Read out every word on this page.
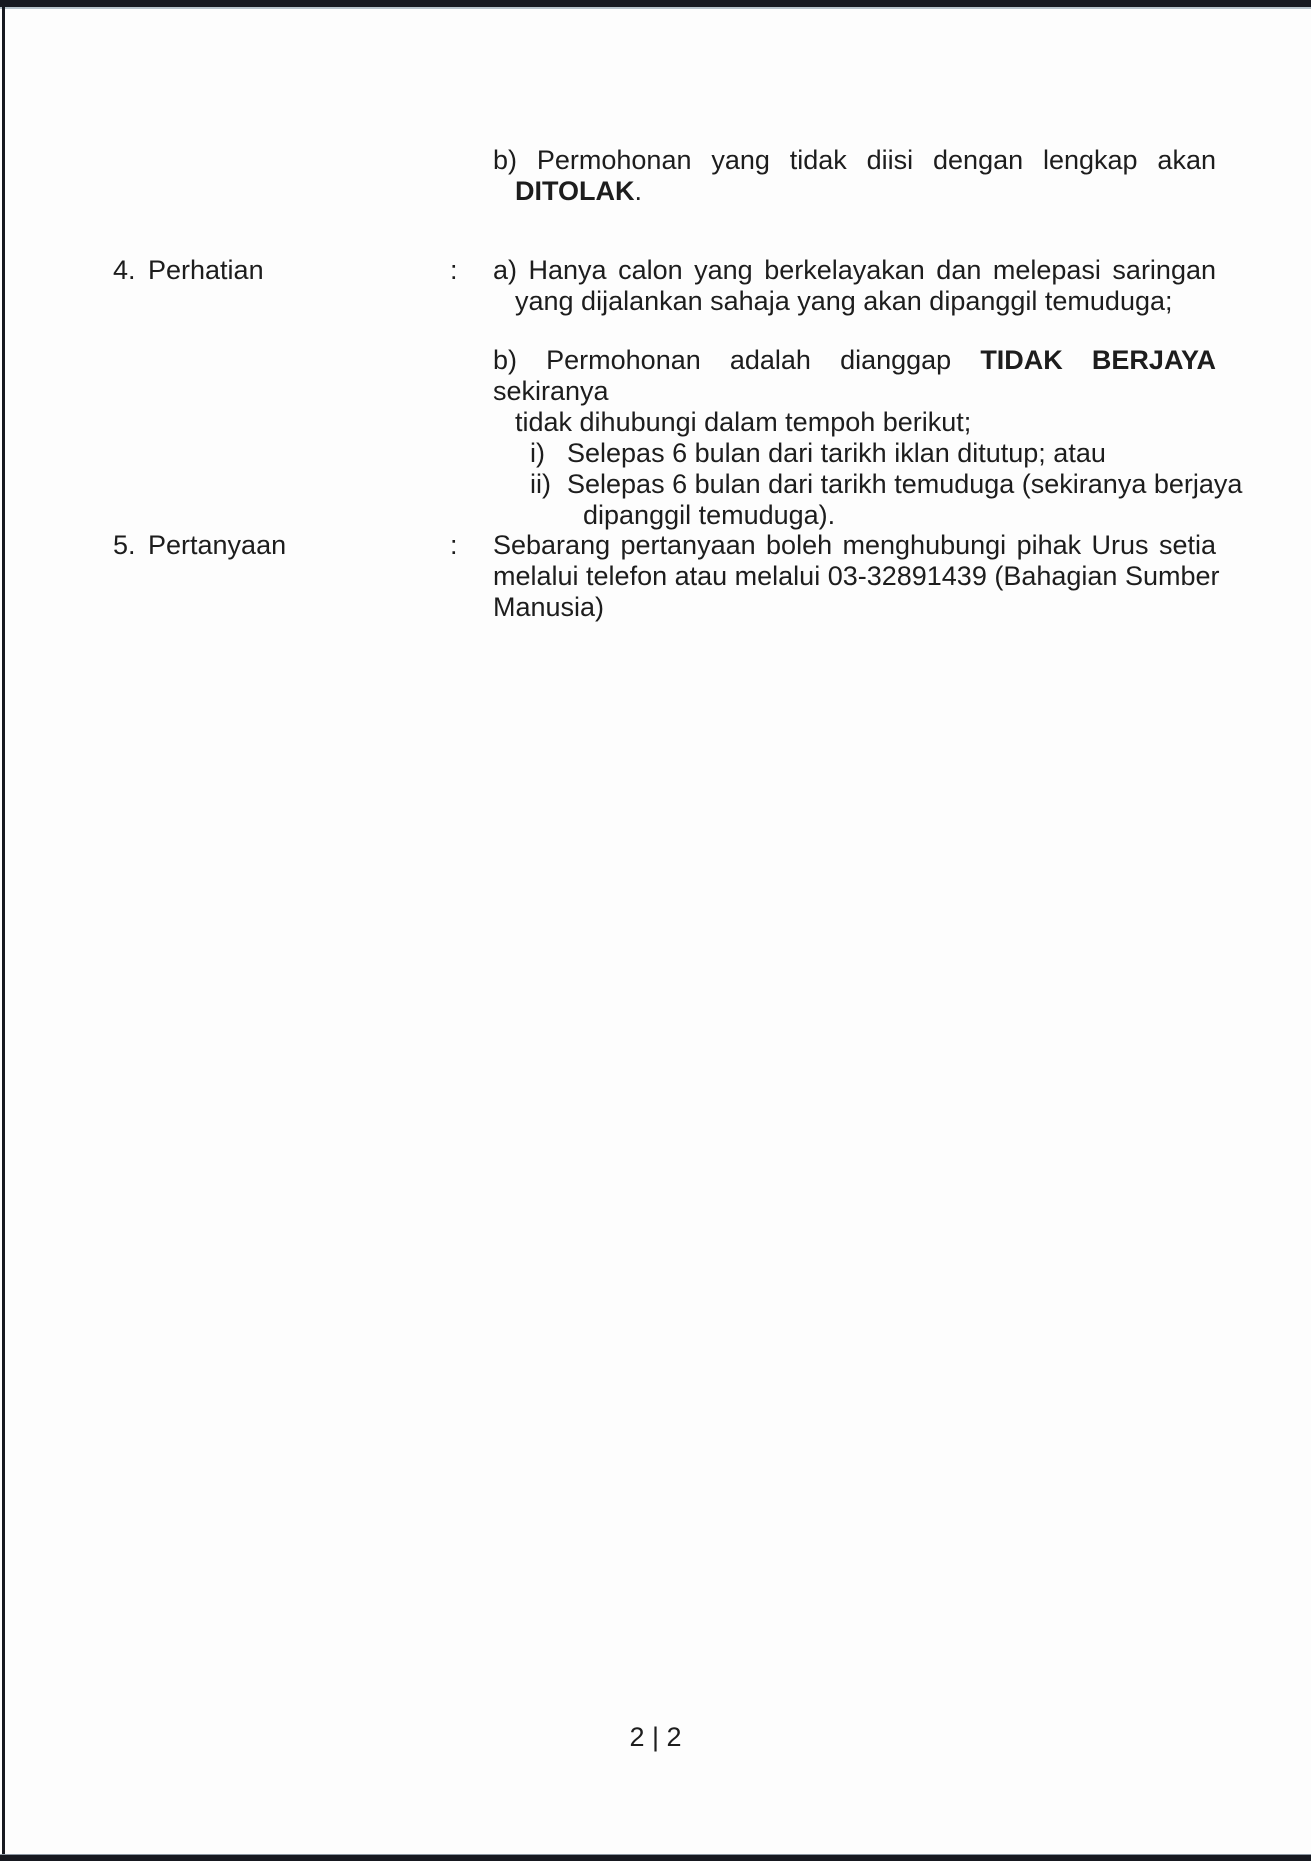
b) Permohonan yang tidak diisi dengan lengkap akan
DITOLAK.
4. Perhatian	: a) Hanya calon yang berkelayakan dan melepasi saringan
yang dijalankan sahaja yang akan dipanggil temuduga;
b) Permohonan adalah dianggap TIDAK BERJAYA sekiranya
tidak dihubungi dalam tempoh berikut;
i) Selepas 6 bulan dari tarikh iklan ditutup; atau
ii) Selepas 6 bulan dari tarikh temuduga (sekiranya berjaya
dipanggil temuduga).
5. Pertanyaan	: Sebarang pertanyaan boleh menghubungi pihak Urus setia
melalui telefon atau melalui 03-32891439 (Bahagian Sumber
Manusia)
2 | 2
